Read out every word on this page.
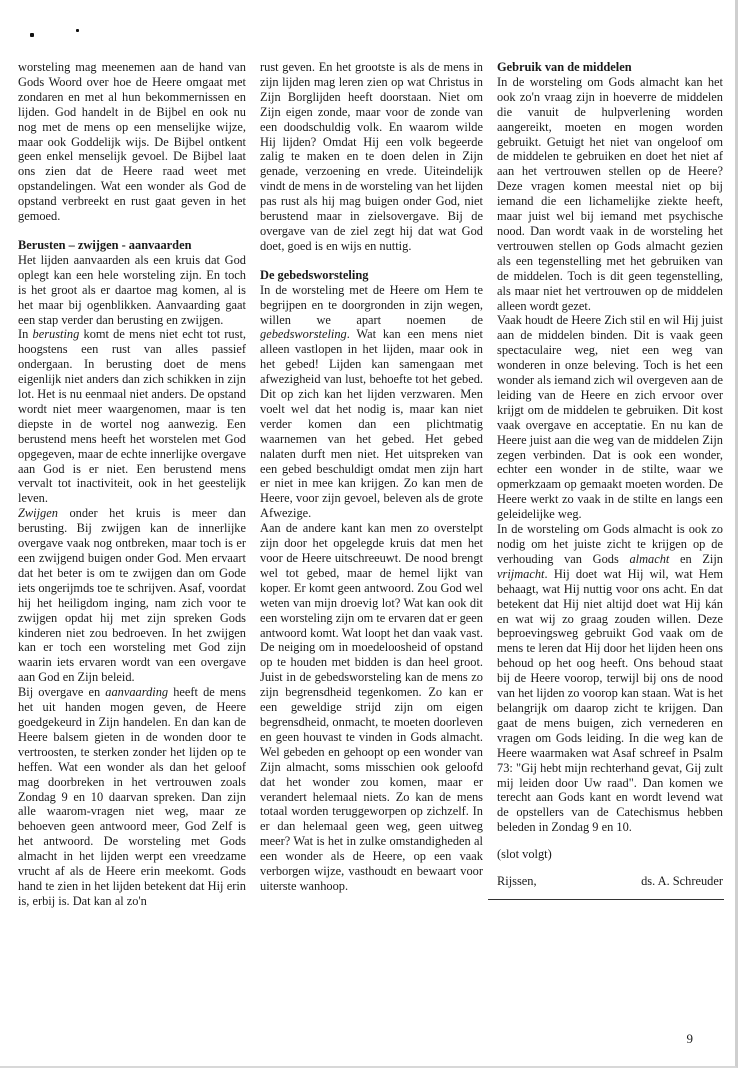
worsteling mag meenemen aan de hand van Gods Woord over hoe de Heere omgaat met zondaren en met al hun bekommernissen en lijden. God handelt in de Bijbel en ook nu nog met de mens op een menselijke wijze, maar ook Goddelijk wijs. De Bijbel ontkent geen enkel menselijk gevoel. De Bijbel laat ons zien dat de Heere raad weet met opstandelingen. Wat een wonder als God de opstand verbreekt en rust gaat geven in het gemoed.

Berusten – zwijgen - aanvaarden

Het lijden aanvaarden als een kruis dat God oplegt kan een hele worsteling zijn. En toch is het groot als er daartoe mag komen, al is het maar bij ogenblikken. Aanvaarding gaat een stap verder dan berusting en zwijgen.

In berusting komt de mens niet echt tot rust, hoogstens een rust van alles passief ondergaan. In berusting doet de mens eigenlijk niet anders dan zich schikken in zijn lot. Het is nu eenmaal niet anders. De opstand wordt niet meer waargenomen, maar is ten diepste in de wortel nog aanwezig. Een berustend mens heeft het worstelen met God opgegeven, maar de echte innerlijke overgave aan God is er niet. Een berustend mens vervalt tot inactiviteit, ook in het geestelijk leven.

Zwijgen onder het kruis is meer dan berusting. Bij zwijgen kan de innerlijke overgave vaak nog ontbreken, maar toch is er een zwijgend buigen onder God. Men ervaart dat het beter is om te zwijgen dan om Gode iets ongerijmds toe te schrijven. Asaf, voordat hij het heiligdom inging, nam zich voor te zwijgen opdat hij met zijn spreken Gods kinderen niet zou bedroeven. In het zwijgen kan er toch een worsteling met God zijn waarin iets ervaren wordt van een overgave aan God en Zijn beleid.

Bij overgave en aanvaarding heeft de mens het uit handen mogen geven, de Heere goedgekeurd in Zijn handelen. En dan kan de Heere balsem gieten in de wonden door te vertroosten, te sterken zonder het lijden op te heffen. Wat een wonder als dan het geloof mag doorbreken in het vertrouwen zoals Zondag 9 en 10 daarvan spreken. Dan zijn alle waarom-vragen niet weg, maar ze behoeven geen antwoord meer, God Zelf is het antwoord. De worsteling met Gods almacht in het lijden werpt een vreedzame vrucht af als de Heere erin meekomt. Gods hand te zien in het lijden betekent dat Hij erin is, erbij is. Dat kan al zo'n

rust geven. En het grootste is als de mens in zijn lijden mag leren zien op wat Christus in Zijn Borglijden heeft doorstaan. Niet om Zijn eigen zonde, maar voor de zonde van een doodschuldig volk. En waarom wilde Hij lijden? Omdat Hij een volk begeerde zalig te maken en te doen delen in Zijn genade, verzoening en vrede. Uiteindelijk vindt de mens in de worsteling van het lijden pas rust als hij mag buigen onder God, niet berustend maar in zielsovergave. Bij de overgave van de ziel zegt hij dat wat God doet, goed is en wijs en nuttig.

De gebedsworsteling

In de worsteling met de Heere om Hem te begrijpen en te doorgronden in zijn wegen, willen we apart noemen de gebedsworsteling. Wat kan een mens niet alleen vastlopen in het lijden, maar ook in het gebed! Lijden kan samengaan met afwezigheid van lust, behoefte tot het gebed. Dit op zich kan het lijden verzwaren. Men voelt wel dat het nodig is, maar kan niet verder komen dan een plichtmatig waarnemen van het gebed. Het gebed nalaten durft men niet. Het uitspreken van een gebed beschuldigt omdat men zijn hart er niet in mee kan krijgen. Zo kan men de Heere, voor zijn gevoel, beleven als de grote Afwezige.

Aan de andere kant kan men zo overstelpt zijn door het opgelegde kruis dat men het voor de Heere uitschreeuwt. De nood brengt wel tot gebed, maar de hemel lijkt van koper. Er komt geen antwoord. Zou God wel weten van mijn droevig lot? Wat kan ook dit een worsteling zijn om te ervaren dat er geen antwoord komt. Wat loopt het dan vaak vast. De neiging om in moedeloosheid of opstand op te houden met bidden is dan heel groot. Juist in de gebedsworsteling kan de mens zo zijn begrensdheid tegenkomen. Zo kan er een geweldige strijd zijn om eigen begrensdheid, onmacht, te moeten doorleven en geen houvast te vinden in Gods almacht. Wel gebeden en gehoopt op een wonder van Zijn almacht, soms misschien ook geloofd dat het wonder zou komen, maar er verandert helemaal niets. Zo kan de mens totaal worden teruggeworpen op zichzelf. In er dan helemaal geen weg, geen uitweg meer? Wat is het in zulke omstandigheden al een wonder als de Heere, op een vaak verborgen wijze, vasthoudt en bewaart voor uiterste wanhoop.

Gebruik van de middelen

In de worsteling om Gods almacht kan het ook zo'n vraag zijn in hoeverre de middelen die vanuit de hulpverlening worden aangereikt, moeten en mogen worden gebruikt. Getuigt het niet van ongeloof om de middelen te gebruiken en doet het niet af aan het vertrouwen stellen op de Heere? Deze vragen komen meestal niet op bij iemand die een lichamelijke ziekte heeft, maar juist wel bij iemand met psychische nood. Dan wordt vaak in de worsteling het vertrouwen stellen op Gods almacht gezien als een tegenstelling met het gebruiken van de middelen. Toch is dit geen tegenstelling, als maar niet het vertrouwen op de middelen alleen wordt gezet.

Vaak houdt de Heere Zich stil en wil Hij juist aan de middelen binden. Dit is vaak geen spectaculaire weg, niet een weg van wonderen in onze beleving. Toch is het een wonder als iemand zich wil overgeven aan de leiding van de Heere en zich ervoor over krijgt om de middelen te gebruiken. Dit kost vaak overgave en acceptatie. En nu kan de Heere juist aan die weg van de middelen Zijn zegen verbinden. Dat is ook een wonder, echter een wonder in de stilte, waar we opmerkzaam op gemaakt moeten worden. De Heere werkt zo vaak in de stilte en langs een geleidelijke weg.

In de worsteling om Gods almacht is ook zo nodig om het juiste zicht te krijgen op de verhouding van Gods almacht en Zijn vrijmacht. Hij doet wat Hij wil, wat Hem behaagt, wat Hij nuttig voor ons acht. En dat betekent dat Hij niet altijd doet wat Hij kán en wat wij zo graag zouden willen. Deze beproevingsweg gebruikt God vaak om de mens te leren dat Hij door het lijden heen ons behoud op het oog heeft. Ons behoud staat bij de Heere voorop, terwijl bij ons de nood van het lijden zo voorop kan staan. Wat is het belangrijk om daarop zicht te krijgen. Dan gaat de mens buigen, zich vernederen en vragen om Gods leiding. In die weg kan de Heere waarmaken wat Asaf schreef in Psalm 73: "Gij hebt mijn rechterhand gevat, Gij zult mij leiden door Uw raad". Dan komen we terecht aan Gods kant en wordt levend wat de opstellers van de Catechismus hebben beleden in Zondag 9 en 10.

(slot volgt)

Rijssen,	ds. A. Schreuder
9
